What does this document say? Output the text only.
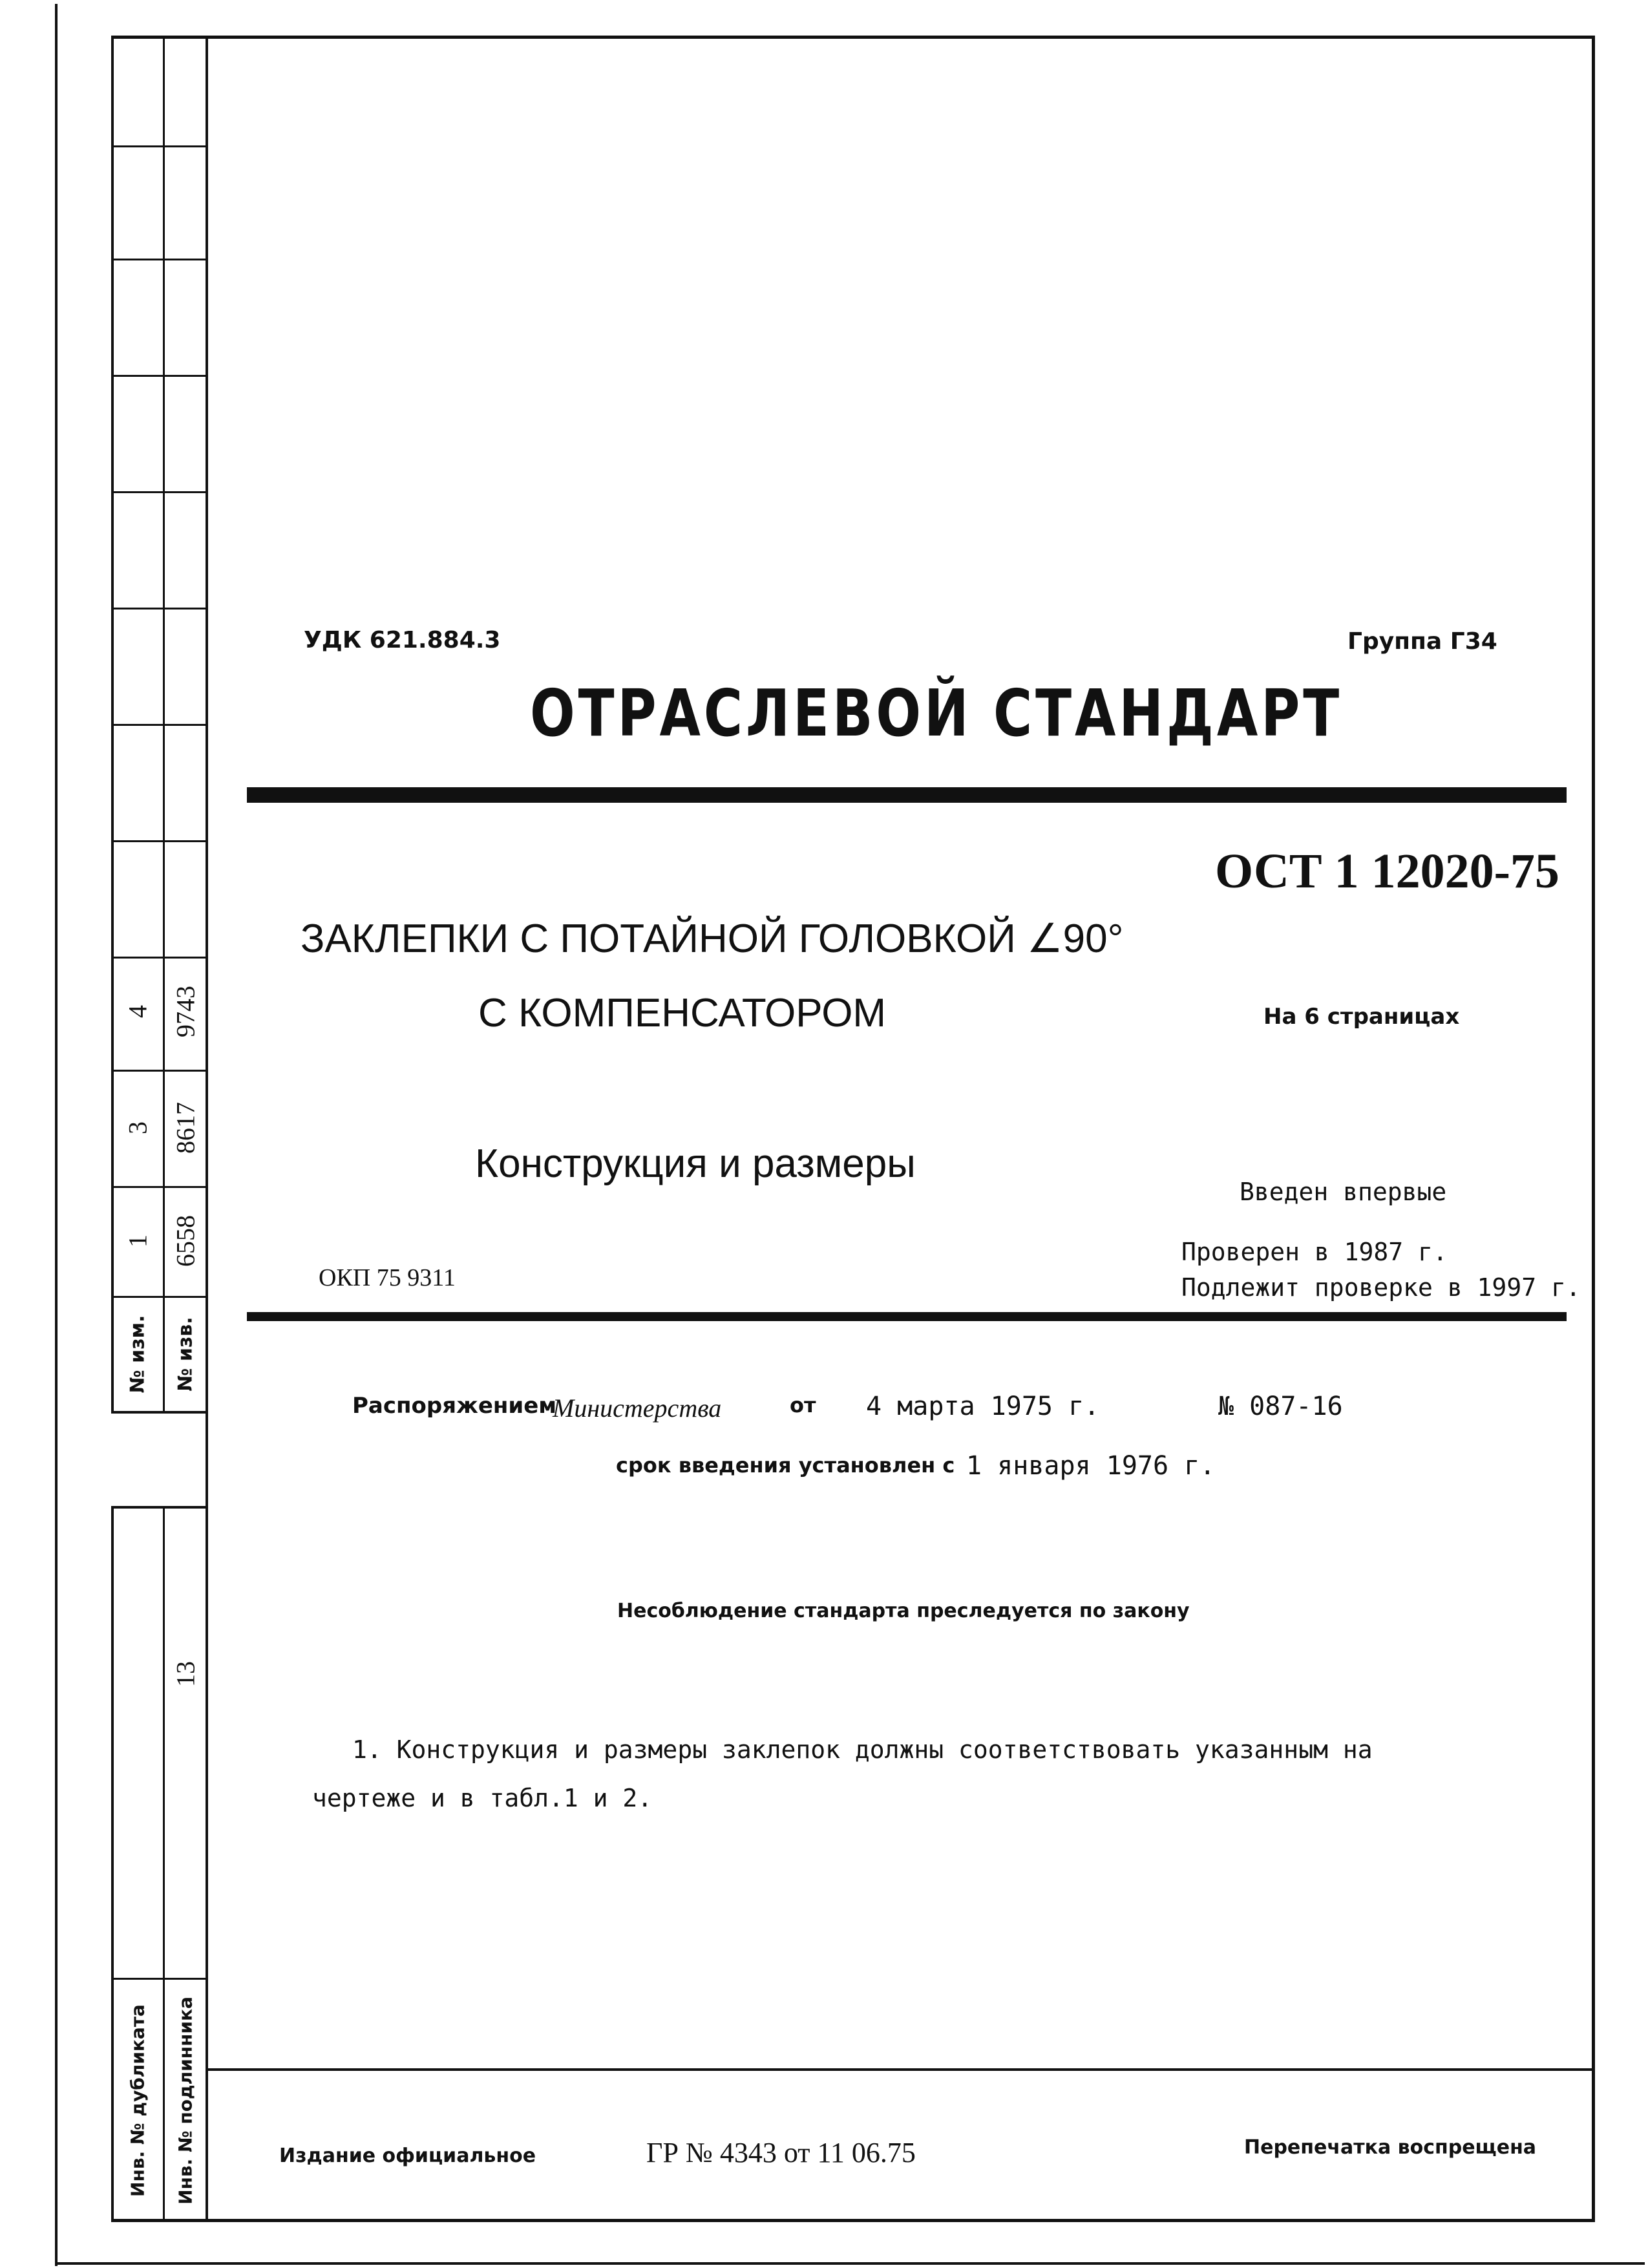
4 9743
3 8617
1 6558
№ изм. № изв.
13
Инв. № дубликата Инв. № подлинника
УДК 621.884.3	Группа Г34
ОТРАСЛЕВОЙ СТАНДАРТ
ОСТ 1 12020-75
ЗАКЛЕПКИ С ПОТАЙНОЙ ГОЛОВКОЙ ∠90°
С КОМПЕНСАТОРОМ	На 6 страницах
Конструкция и размеры
Введен впервые
Проверен в 1987 г.
Подлежит проверке в 1997 г.
ОКП 75 9311
Распоряжением
Министерства	от 4 марта 1975 г.	№ 087-16
срок введения установлен с 1 января 1976 г.
Несоблюдение стандарта преследуется по закону
1. Конструкция и размеры заклепок должны соответствовать указанным на
чертеже и в табл.1 и 2.
Издание официальное	ГР № 4343 от 11 06.75	Перепечатка воспрещена
